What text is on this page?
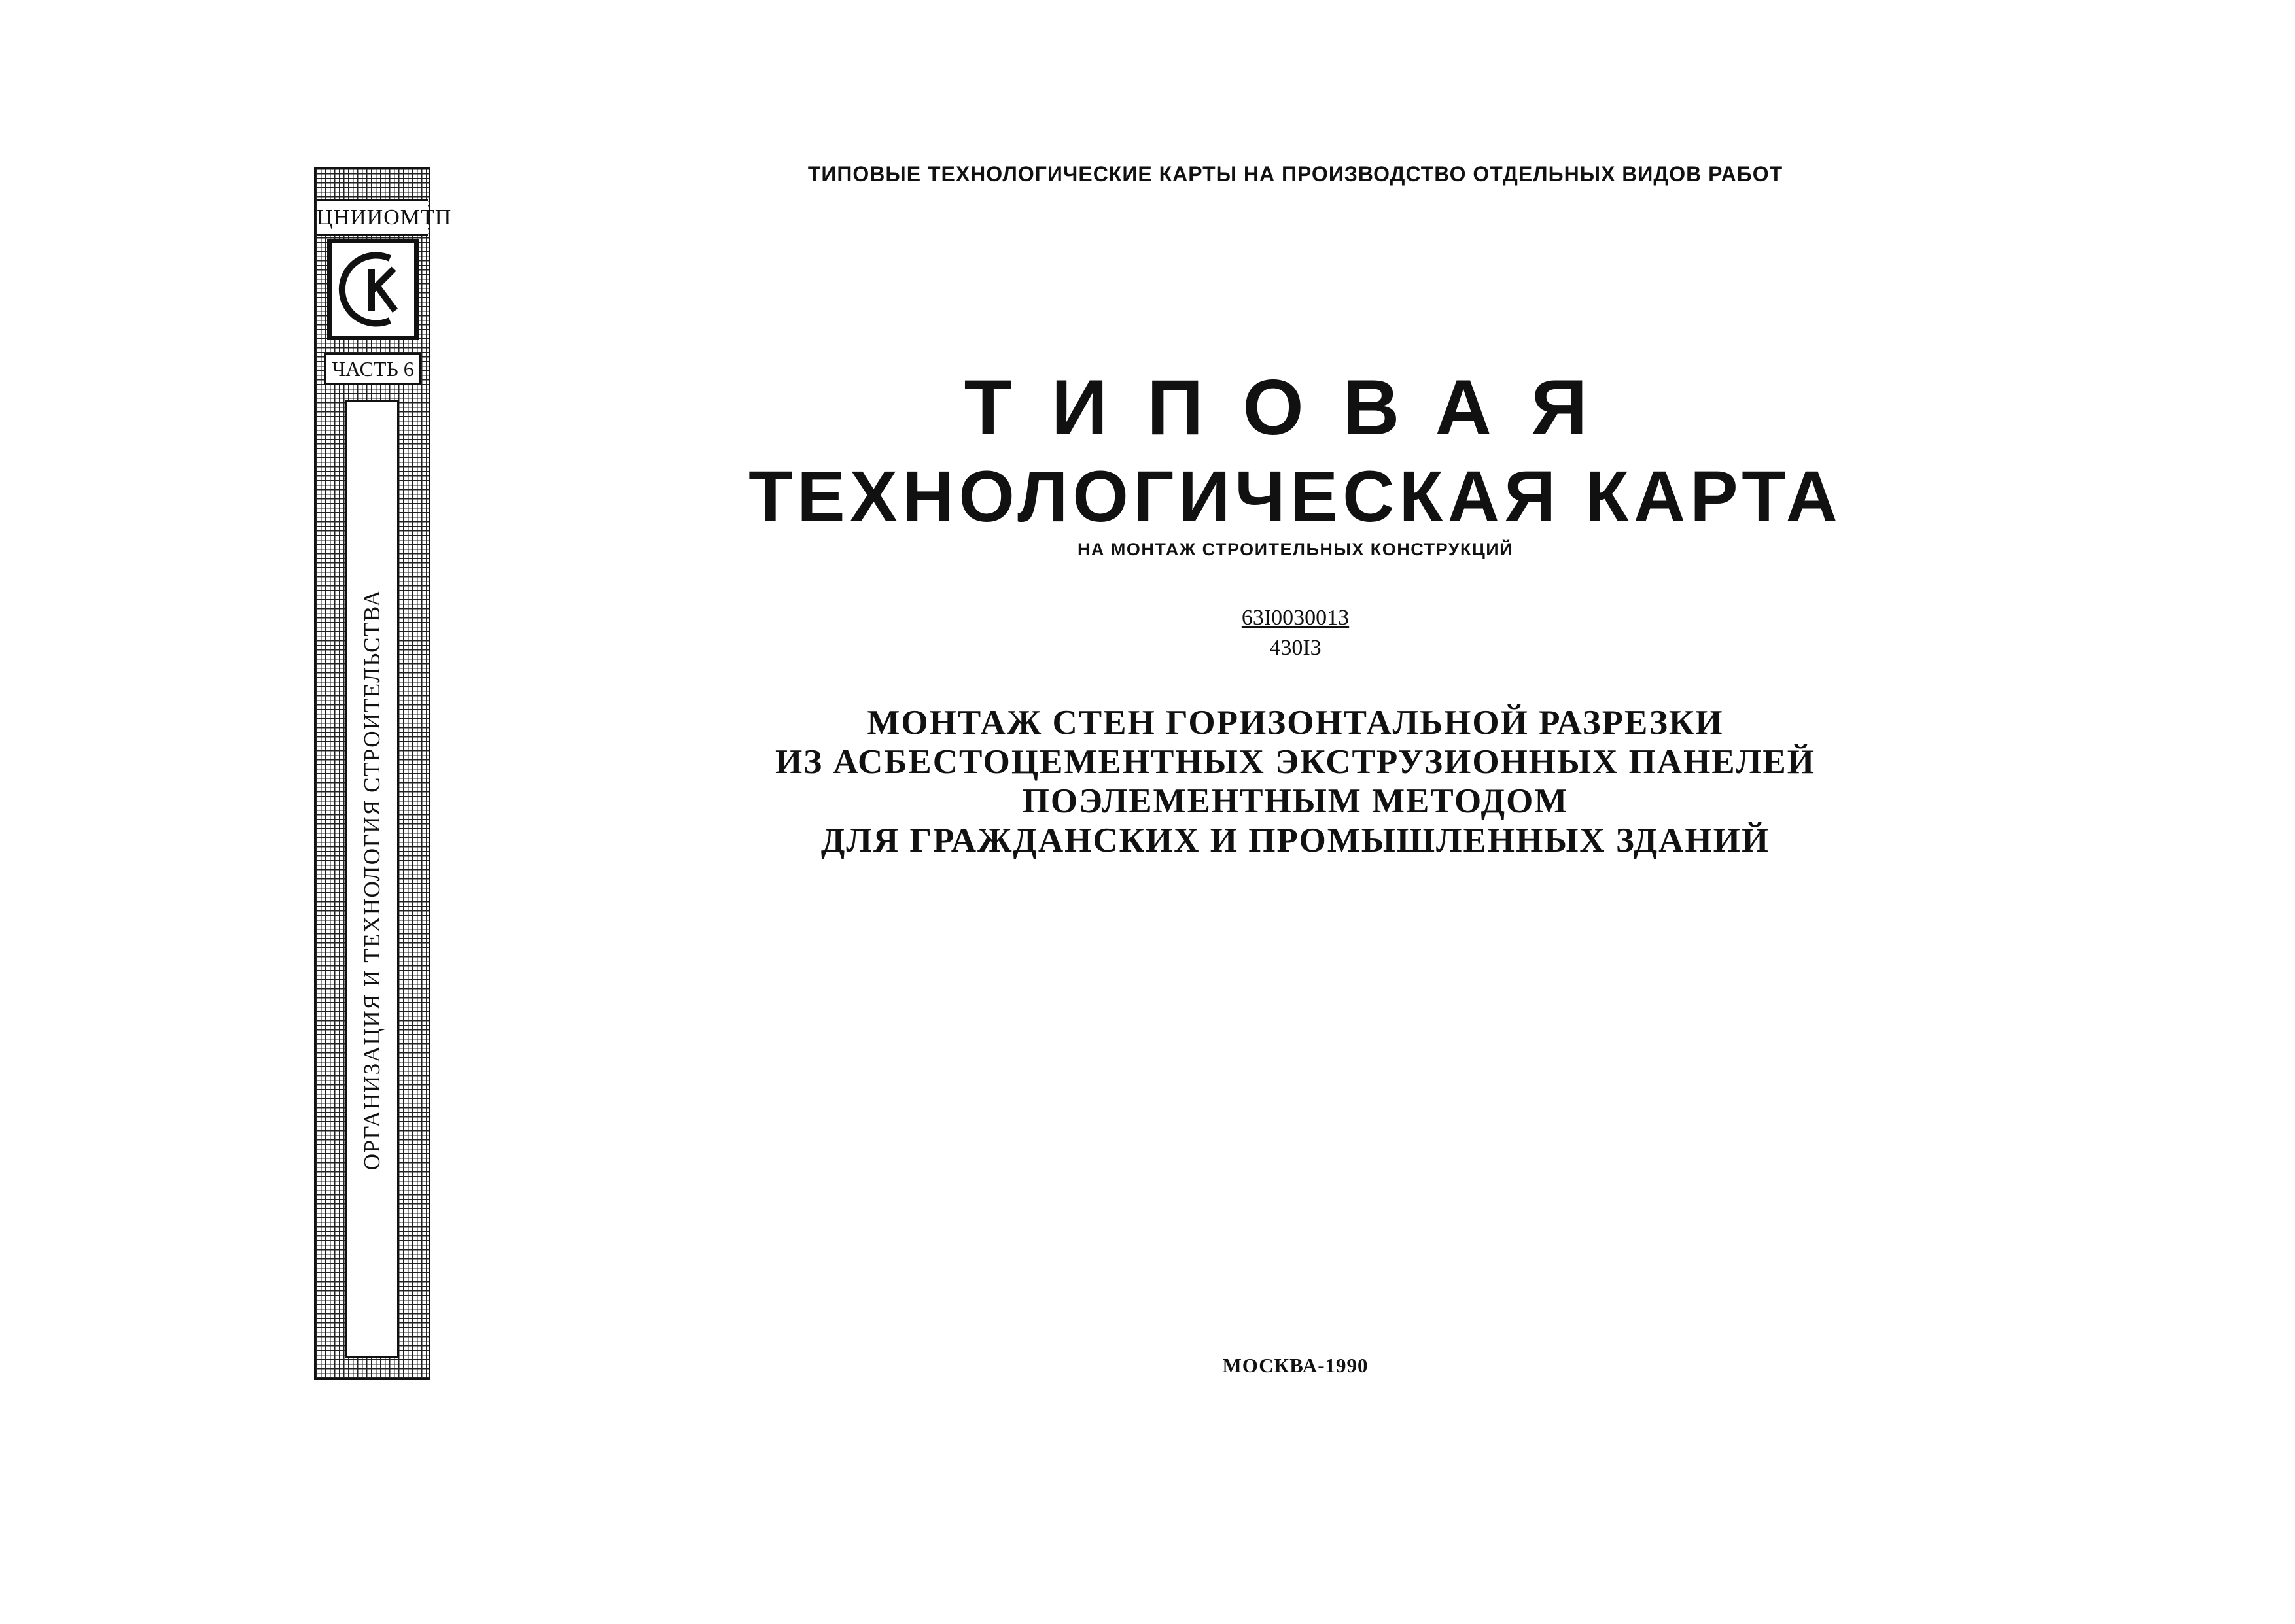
ЦНИИОМТП
ЧАСТЬ 6
ОРГАНИЗАЦИЯ И ТЕХНОЛОГИЯ СТРОИТЕЛЬСТВА
ТИПОВЫЕ ТЕХНОЛОГИЧЕСКИЕ КАРТЫ НА ПРОИЗВОДСТВО ОТДЕЛЬНЫХ ВИДОВ РАБОТ
ТИПОВАЯ
ТЕХНОЛОГИЧЕСКАЯ КАРТА
НА МОНТАЖ СТРОИТЕЛЬНЫХ КОНСТРУКЦИЙ
63I003001З
430I3
МОНТАЖ СТЕН ГОРИЗОНТАЛЬНОЙ РАЗРЕЗКИ
ИЗ АСБЕСТОЦЕМЕНТНЫХ ЭКСТРУЗИОННЫХ ПАНЕЛЕЙ
ПОЭЛЕМЕНТНЫМ МЕТОДОМ
ДЛЯ ГРАЖДАНСКИХ И ПРОМЫШЛЕННЫХ ЗДАНИЙ
МОСКВА-1990
